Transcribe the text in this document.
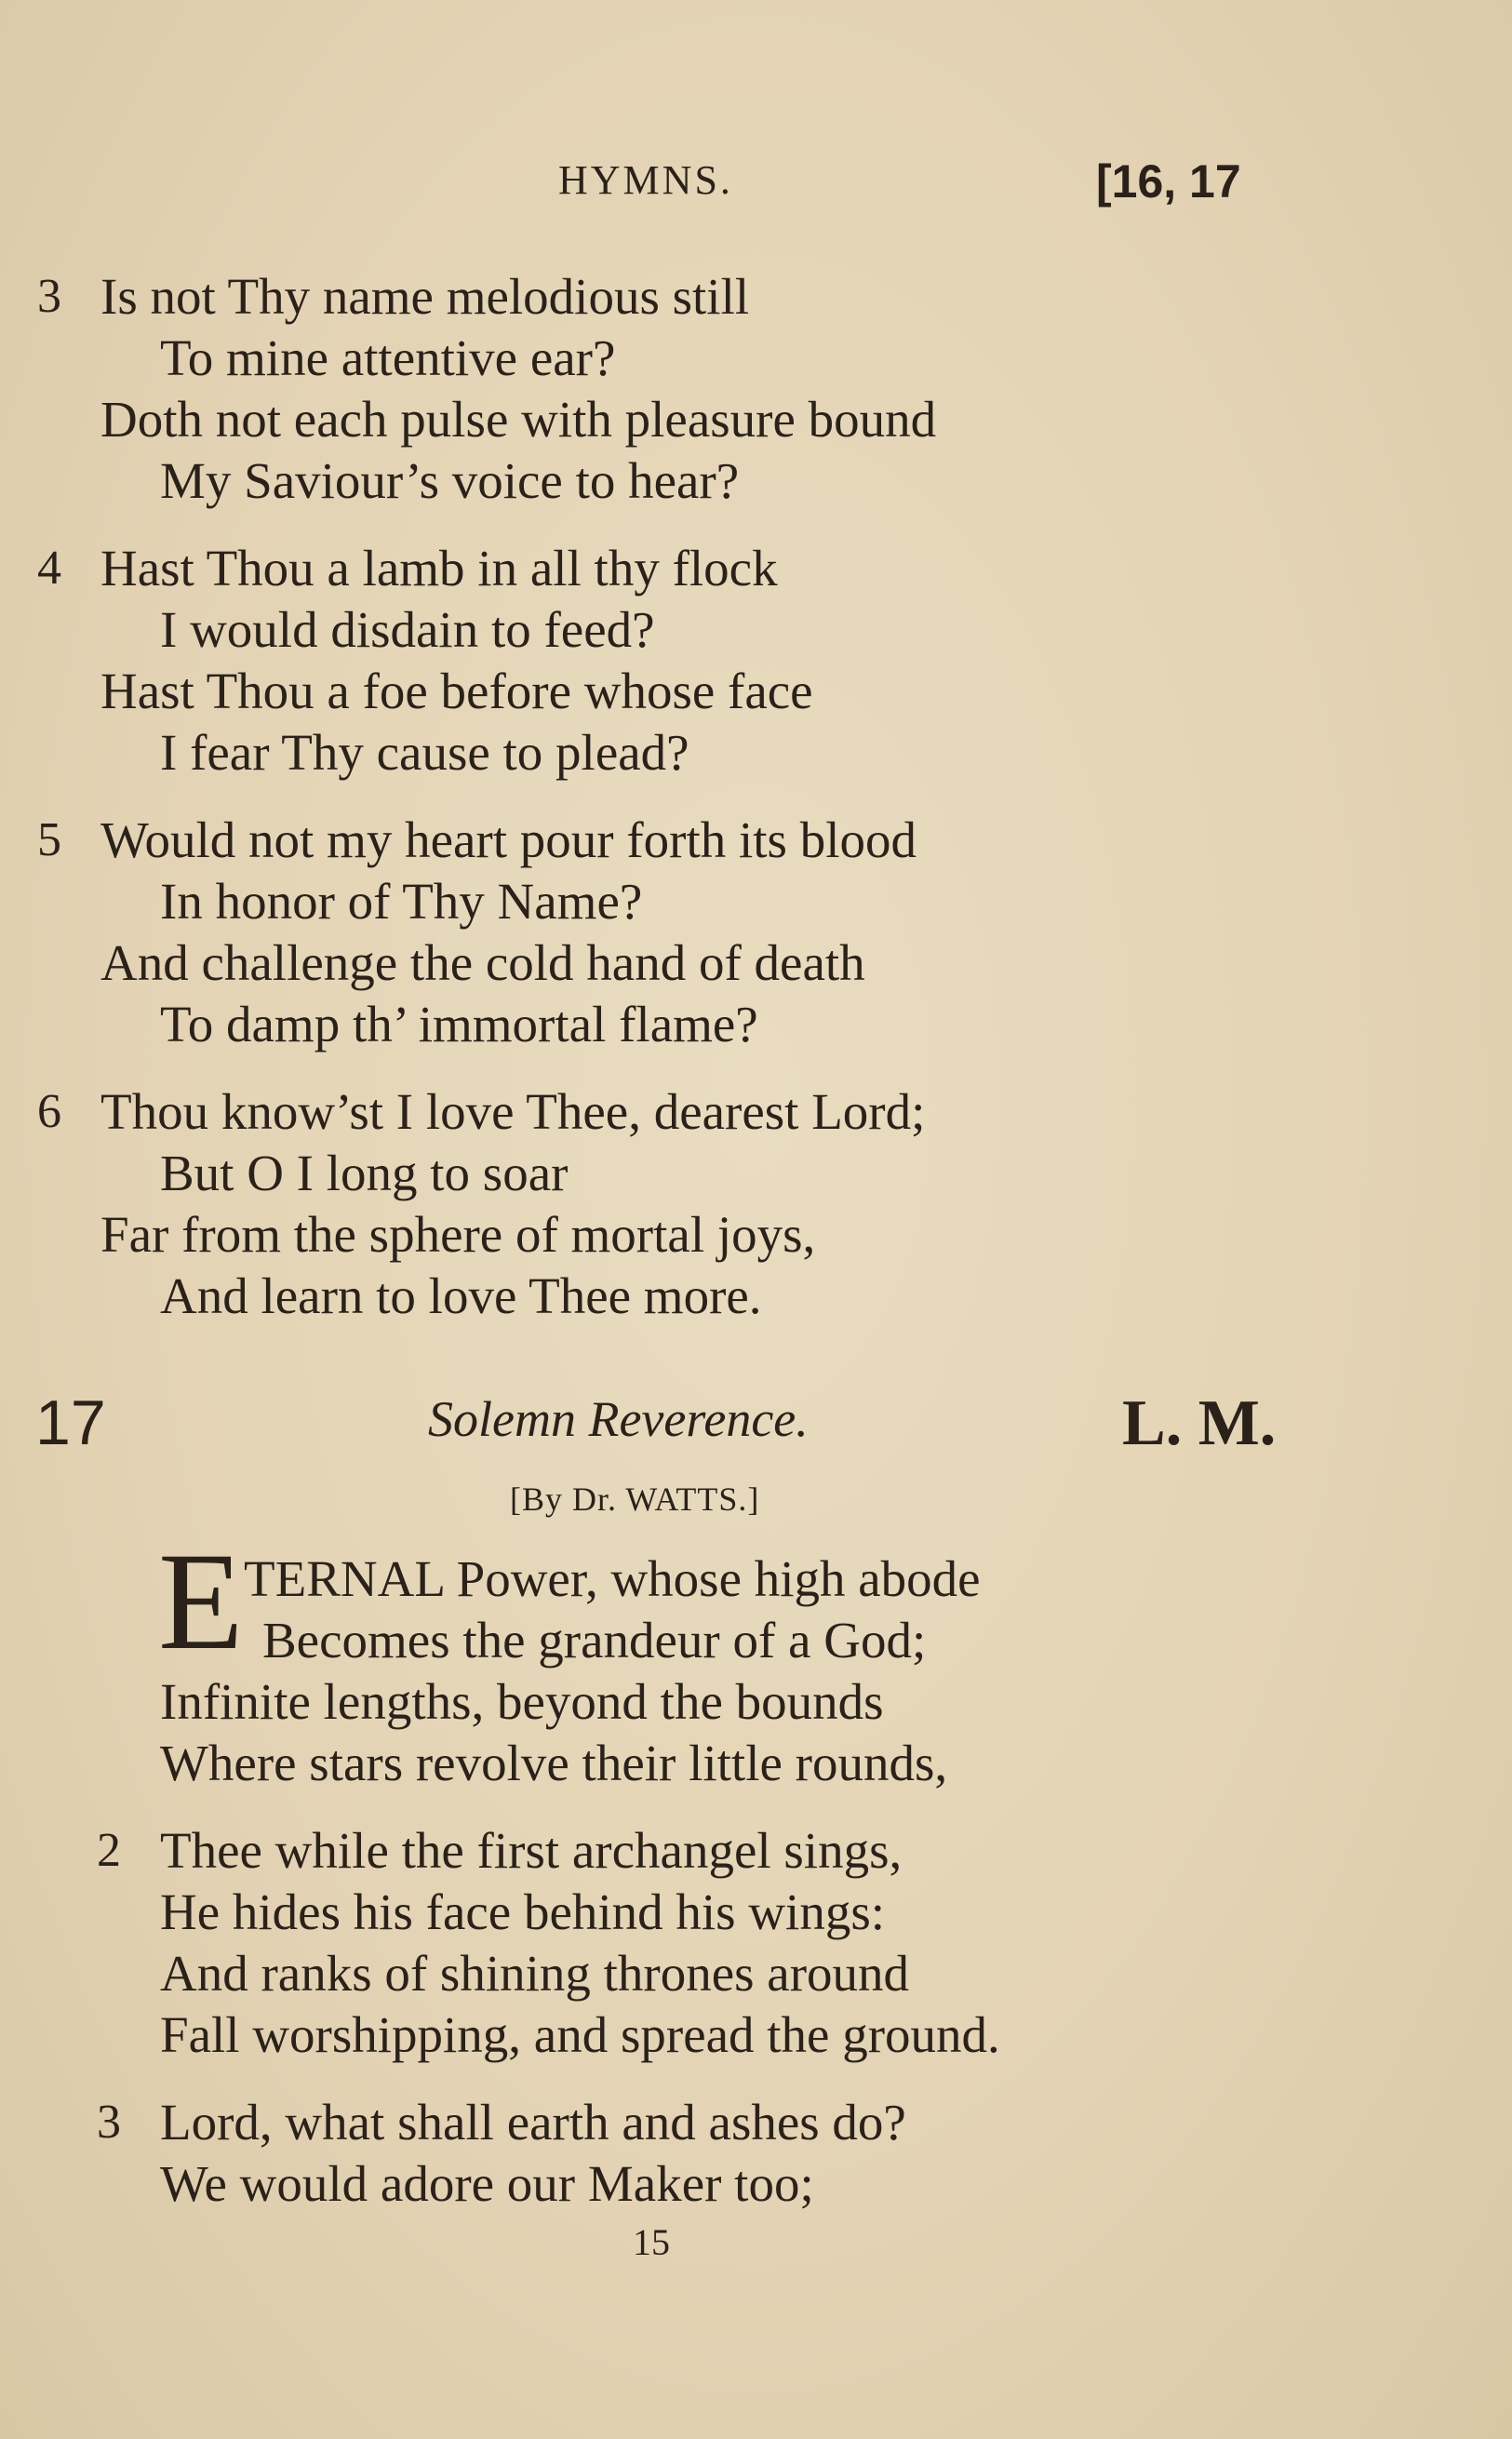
HYMNS.	[16, 17
3 Is not Thy name melodious still
To mine attentive ear?
Doth not each pulse with pleasure bound
My Saviour’s voice to hear?
4 Hast Thou a lamb in all thy flock
I would disdain to feed?
Hast Thou a foe before whose face
I fear Thy cause to plead?
5 Would not my heart pour forth its blood
In honor of Thy Name?
And challenge the cold hand of death
To damp th’ immortal flame?
6 Thou know’st I love Thee, dearest Lord;
But O I long to soar
Far from the sphere of mortal joys,
And learn to love Thee more.
17	Solemn Reverence.	L. M.
[By Dr. WATTS.]
E TERNAL Power, whose high abode
Becomes the grandeur of a God;
Infinite lengths, beyond the bounds
Where stars revolve their little rounds,
2 Thee while the first archangel sings,
He hides his face behind his wings:
And ranks of shining thrones around
Fall worshipping, and spread the ground.
3 Lord, what shall earth and ashes do?
We would adore our Maker too;
15
